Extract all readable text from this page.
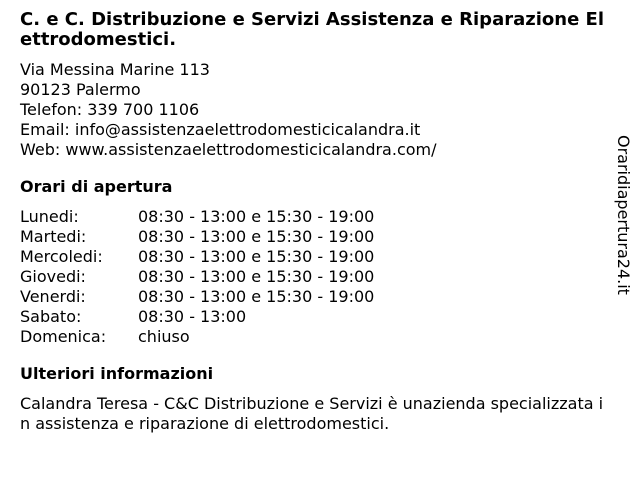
C. e C. Distribuzione e Servizi Assistenza e Riparazione Elettrodomestici.
Via Messina Marine 113
90123 Palermo
Telefon: 339 700 1106
Email: info@assistenzaelettrodomesticicalandra.it
Web: www.assistenzaelettrodomesticicalandra.com/
Orari di apertura
Lunedi:	08:30 - 13:00 e 15:30 - 19:00
Martedi:	08:30 - 13:00 e 15:30 - 19:00
Mercoledi:	08:30 - 13:00 e 15:30 - 19:00
Giovedi:	08:30 - 13:00 e 15:30 - 19:00
Venerdi:	08:30 - 13:00 e 15:30 - 19:00
Sabato:	08:30 - 13:00
Domenica:	chiuso
Ulteriori informazioni

Calandra Teresa - C&C Distribuzione e Servizi è unazienda specializzata in assistenza e riparazione di elettrodomestici.

Oraridiapertura24.it
